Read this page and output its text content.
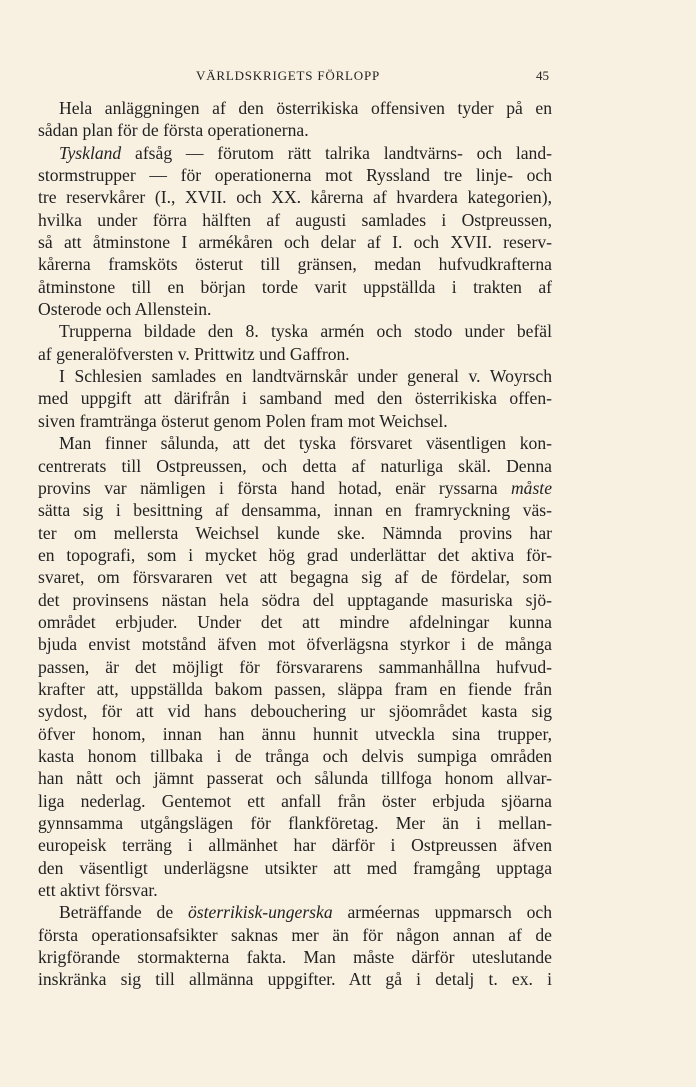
VÄRLDSKRIGETS FÖRLOPP	45
Hela anläggningen af den österrikiska offensiven tyder på en
sådan plan för de första operationerna.
Tyskland afsåg — förutom rätt talrika landtvärns- och land-
stormstrupper — för operationerna mot Ryssland tre linje- och
tre reservkårer (I., XVII. och XX. kårerna af hvardera kategorien),
hvilka under förra hälften af augusti samlades i Ostpreussen,
så att åtminstone I armékåren och delar af I. och XVII. reserv-
kårerna framsköts österut till gränsen, medan hufvudkrafterna
åtminstone till en början torde varit uppställda i trakten af
Osterode och Allenstein.
Trupperna bildade den 8. tyska armén och stodo under befäl
af generalöfversten v. Prittwitz und Gaffron.
I Schlesien samlades en landtvärnskår under general v. Woyrsch
med uppgift att därifrån i samband med den österrikiska offen-
siven framtränga österut genom Polen fram mot Weichsel.
Man finner sålunda, att det tyska försvaret väsentligen kon-
centrerats till Ostpreussen, och detta af naturliga skäl. Denna
provins var nämligen i första hand hotad, enär ryssarna måste
sätta sig i besittning af densamma, innan en framryckning väs-
ter om mellersta Weichsel kunde ske. Nämnda provins har
en topografi, som i mycket hög grad underlättar det aktiva för-
svaret, om försvararen vet att begagna sig af de fördelar, som
det provinsens nästan hela södra del upptagande masuriska sjö-
området erbjuder. Under det att mindre afdelningar kunna
bjuda envist motstånd äfven mot öfverlägsna styrkor i de många
passen, är det möjligt för försvararens sammanhållna hufvud-
krafter att, uppställda bakom passen, släppa fram en fiende från
sydost, för att vid hans debouchering ur sjöområdet kasta sig
öfver honom, innan han ännu hunnit utveckla sina trupper,
kasta honom tillbaka i de trånga och delvis sumpiga områden
han nått och jämnt passerat och sålunda tillfoga honom allvar-
liga nederlag. Gentemot ett anfall från öster erbjuda sjöarna
gynnsamma utgångslägen för flankföretag. Mer än i mellan-
europeisk terräng i allmänhet har därför i Ostpreussen äfven
den väsentligt underlägsne utsikter att med framgång upptaga
ett aktivt försvar.
Beträffande de österrikisk-ungerska arméernas uppmarsch och
första operationsafsikter saknas mer än för någon annan af de
krigförande stormakterna fakta. Man måste därför uteslutande
inskränka sig till allmänna uppgifter. Att gå i detalj t. ex. i
